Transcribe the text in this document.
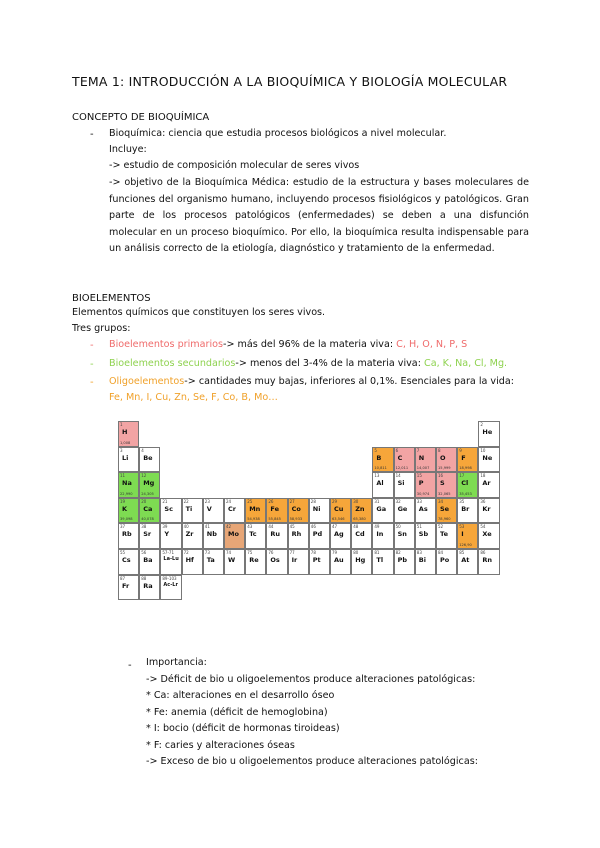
TEMA 1: INTRODUCCIÓN A LA BIOQUÍMICA Y BIOLOGÍA MOLECULAR
CONCEPTO DE BIOQUÍMICA
- Bioquímica: ciencia que estudia procesos biológicos a nivel molecular.
Incluye:
-> estudio de composición molecular de seres vivos
-> objetivo de la Bioquímica Médica: estudio de la estructura y bases moleculares de funciones del organismo humano, incluyendo procesos fisiológicos y patológicos. Gran parte de los procesos patológicos (enfermedades) se deben a una disfunción molecular en un proceso bioquímico. Por ello, la bioquímica resulta indispensable para un análisis correcto de la etiología, diagnóstico y tratamiento de la enfermedad.
BIOELEMENTOS
Elementos químicos que constituyen los seres vivos.
Tres grupos:
- Bioelementos primarios-> más del 96% de la materia viva: C, H, O, N, P, S
- Bioelementos secundarios-> menos del 3-4% de la materia viva: Ca, K, Na, Cl, Mg.
- Oligoelementos-> cantidades muy bajas, inferiores al 0,1%. Esenciales para la vida:
Fe, Mn, I, Cu, Zn, Se, F, Co, B, Mo…
1
H
1,008
2
He
3
Li
4
Be
5
B
10,811
6
C
12,011
7
N
14,007
8
O
15,999
9
F
18,998
10
Ne
11
Na
22,990
12
Mg
24,305
13
Al
14
Si
15
P
30,974
16
S
32,065
17
Cl
35,453
18
Ar
19
K
39,098
20
Ca
40,078
21
Sc
22
Ti
23
V
24
Cr
25
Mn
54,938
26
Fe
55,845
27
Co
58,933
28
Ni
29
Cu
63,546
30
Zn
65,380
31
Ga
32
Ge
33
As
34
Se
78,960
35
Br
36
Kr
37
Rb
38
Sr
39
Y
40
Zr
41
Nb
42
Mo
43
Tc
44
Ru
45
Rh
46
Pd
47
Ag
48
Cd
49
In
50
Sn
51
Sb
52
Te
53
I
126,90
54
Xe
55
Cs
56
Ba
57-71
La-Lu
72
Hf
73
Ta
74
W
75
Re
76
Os
77
Ir
78
Pt
79
Au
80
Hg
81
Tl
82
Pb
83
Bi
84
Po
85
At
86
Rn
87
Fr
88
Ra
89-103
Ac-Lr
- Importancia:
-> Déficit de bio u oligoelementos produce alteraciones patológicas:
* Ca: alteraciones en el desarrollo óseo
* Fe: anemia (déficit de hemoglobina)
* I: bocio (déficit de hormonas tiroideas)
* F: caries y alteraciones óseas
-> Exceso de bio u oligoelementos produce alteraciones patológicas:
